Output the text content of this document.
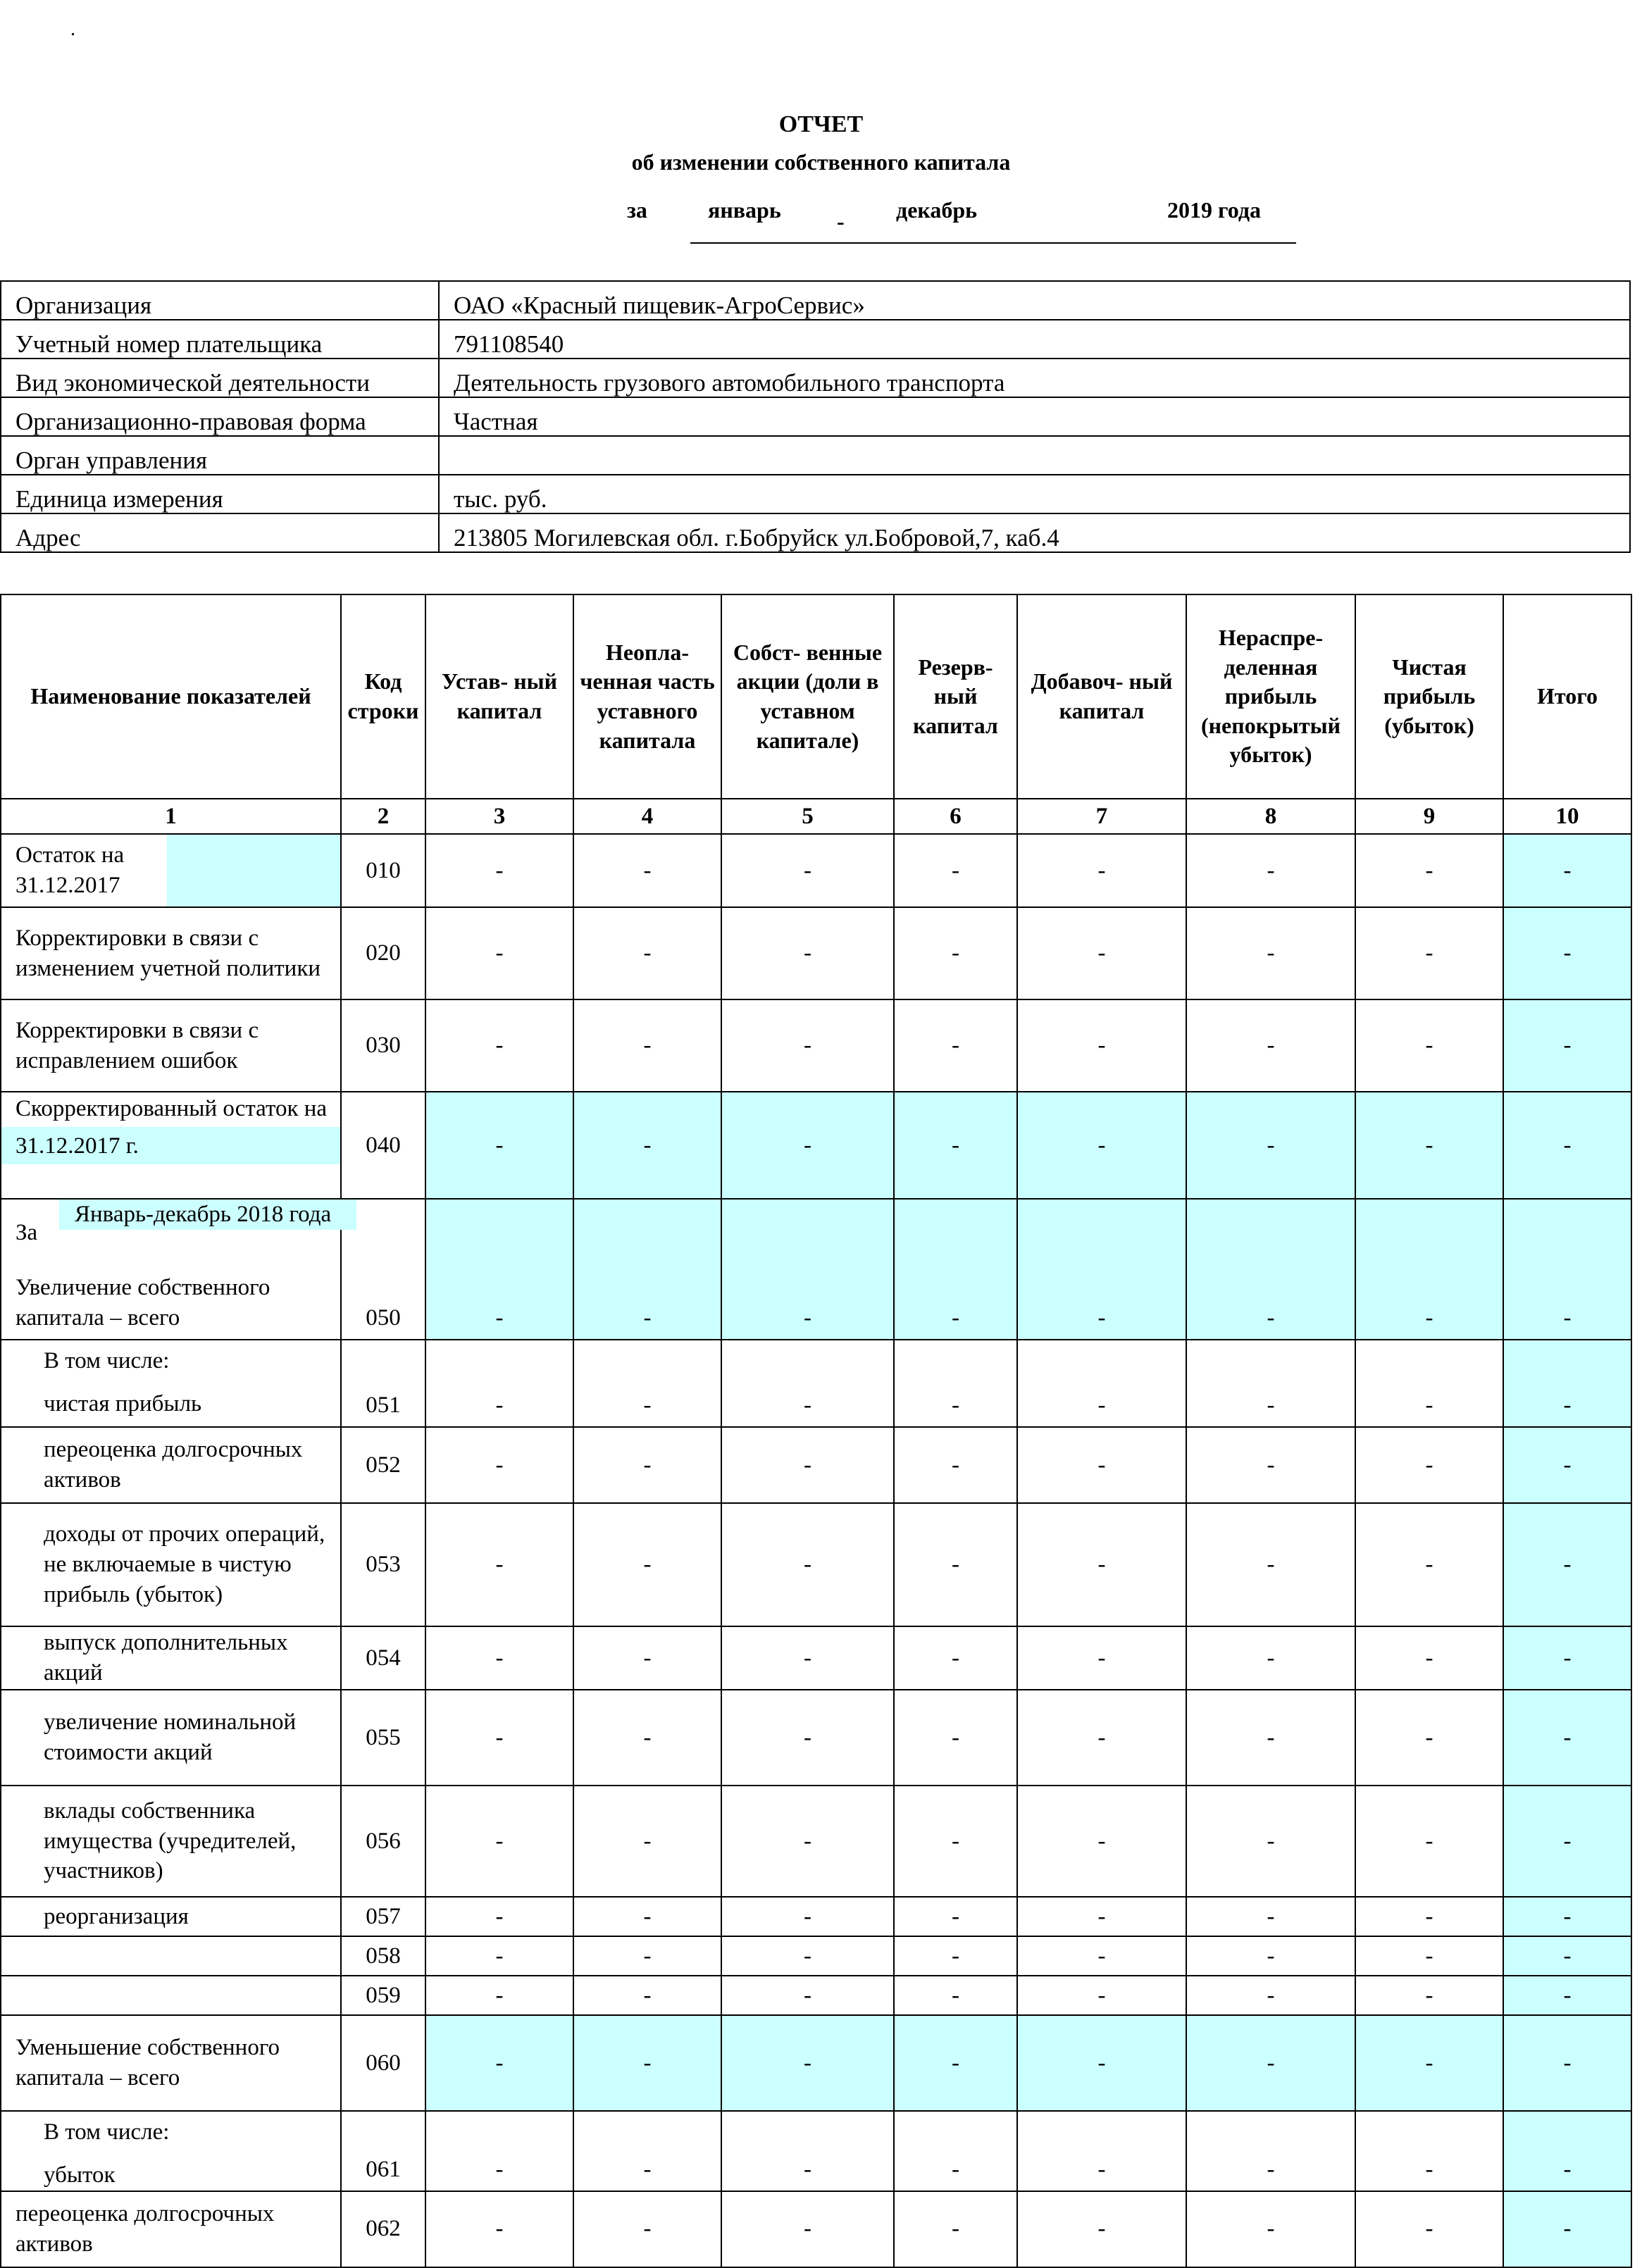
.
ОТЧЕТ
об изменении собственного капитала
за	январь - декабрь	2019 года
Организация	ОАО «Красный пищевик-АгроСервис»
Учетный номер плательщика	791108540
Вид экономической деятельности	Деятельность грузового автомобильного транспорта
Организационно-правовая форма	Частная
Орган управления	
Единица измерения	тыс. руб.
Адрес	213805 Могилевская обл. г.Бобруйск ул.Бобровой,7, каб.4
Наименование показателей	Код строки	Устав- ный капитал	Неопла- ченная часть уставного капитала	Собст- венные акции (доли в уставном капитале)	Резерв- ный капитал	Добавоч- ный капитал	Нераспре- деленная прибыль (непокрытый убыток)	Чистая прибыль (убыток)	Итого
1	2	3	4	5	6	7	8	9	10

Остаток на 31.12.2017	010	-	-	-	-	-	-	-	-
Корректировки в связи с изменением учетной политики	020	-	-	-	-	-	-	-	-
Корректировки в связи с исправлением ошибок	030	-	-	-	-	-	-	-	-

Скорректированный остаток на
31.12.2017 г.	040	-	-	-	-	-	-	-	-

За
Январь-декабрь 2018 года
Увеличение собственного капитала – всего	050	-	-	-	-	-	-	-	-

В том числе:
чистая прибыль	051	-	-	-	-	-	-	-	-
переоценка долгосрочных активов	052	-	-	-	-	-	-	-	-
доходы от прочих операций, не включаемые в чистую прибыль (убыток)	053	-	-	-	-	-	-	-	-
выпуск дополнительных акций	054	-	-	-	-	-	-	-	-
увеличение номинальной стоимости акций	055	-	-	-	-	-	-	-	-
вклады собственника имущества (учредителей, участников)	056	-	-	-	-	-	-	-	-
реорганизация	057	-	-	-	-	-	-	-	-
	058	-	-	-	-	-	-	-	-
	059	-	-	-	-	-	-	-	-
Уменьшение собственного капитала – всего	060	-	-	-	-	-	-	-	-

В том числе:
убыток	061	-	-	-	-	-	-	-	-
переоценка долгосрочных активов	062	-	-	-	-	-	-	-	-
